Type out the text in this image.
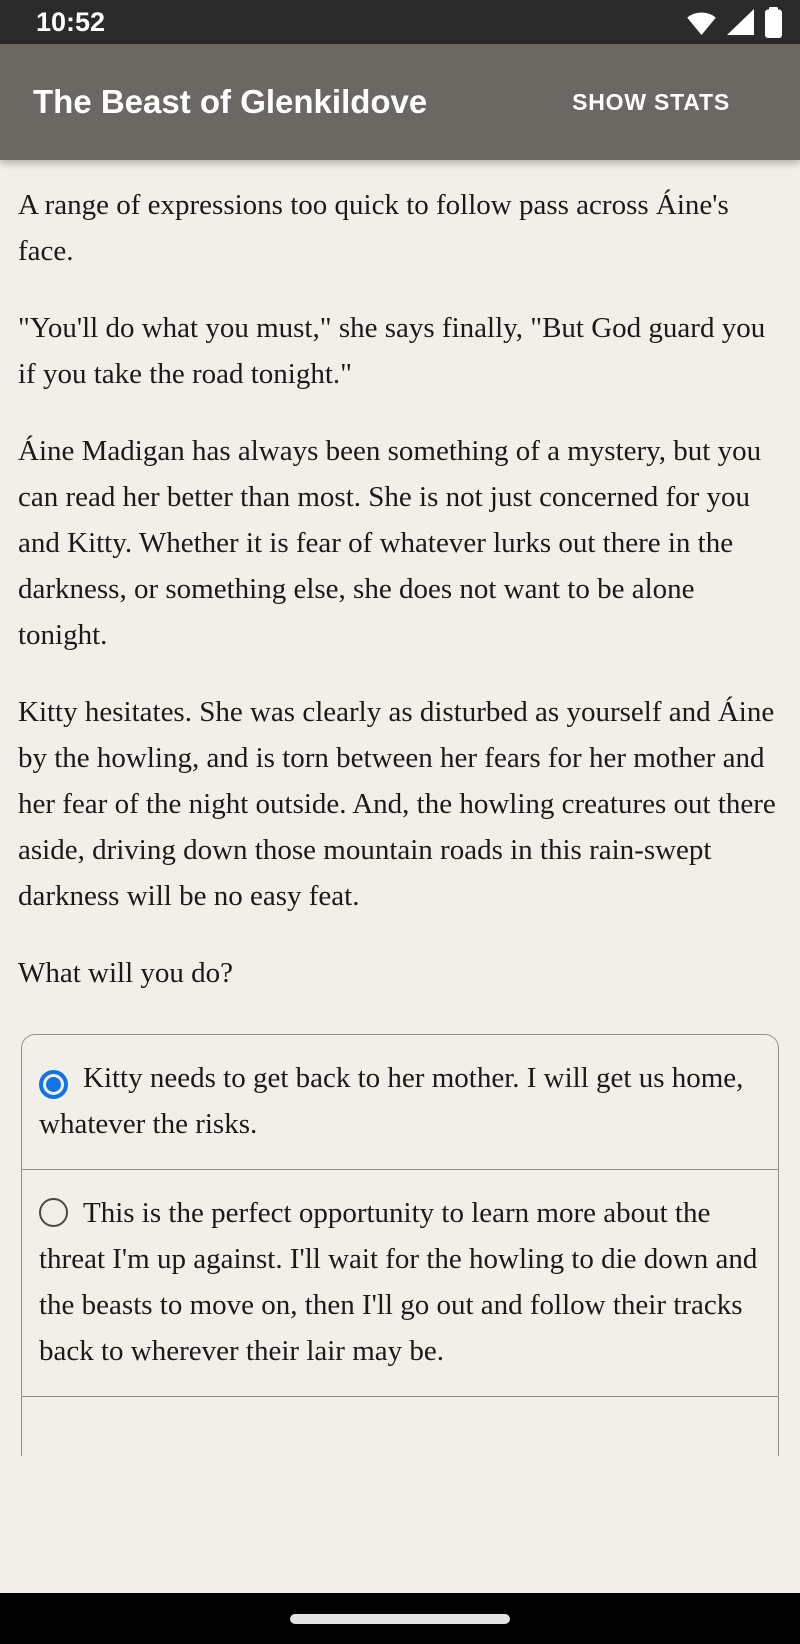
10:52
The Beast of Glenkildove	SHOW STATS

A range of expressions too quick to follow pass across Áine's face.

"You'll do what you must," she says finally, "But God guard you if you take the road tonight."

Áine Madigan has always been something of a mystery, but you can read her better than most. She is not just concerned for you and Kitty. Whether it is fear of whatever lurks out there in the darkness, or something else, she does not want to be alone tonight.

Kitty hesitates. She was clearly as disturbed as yourself and Áine by the howling, and is torn between her fears for her mother and her fear of the night outside. And, the howling creatures out there aside, driving down those mountain roads in this rain-swept darkness will be no easy feat.

What will you do?

Kitty needs to get back to her mother. I will get us home, whatever the risks.
This is the perfect opportunity to learn more about the threat I'm up against. I'll wait for the howling to die down and the beasts to move on, then I'll go out and follow their tracks back to wherever their lair may be.
